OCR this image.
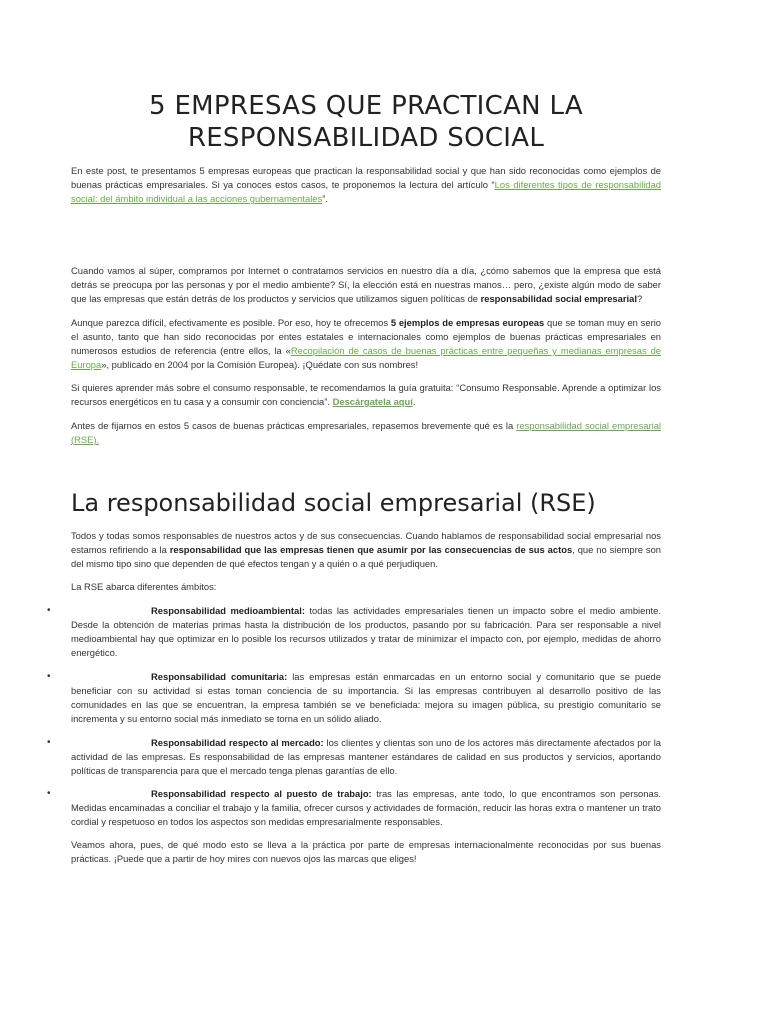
5 EMPRESAS QUE PRACTICAN LA
RESPONSABILIDAD SOCIAL
En este post, te presentamos 5 empresas europeas que practican la responsabilidad social y que han sido reconocidas como ejemplos de buenas prácticas empresariales. Si ya conoces estos casos, te proponemos la lectura del artículo “Los diferentes tipos de responsabilidad social: del ámbito individual a las acciones gubernamentales”.
Cuando vamos al súper, compramos por Internet o contratamos servicios en nuestro día a día, ¿cómo sabemos que la empresa que está detrás se preocupa por las personas y por el medio ambiente? Sí, la elección está en nuestras manos… pero, ¿existe algún modo de saber que las empresas que están detrás de los productos y servicios que utilizamos siguen políticas de responsabilidad social empresarial?
Aunque parezca difícil, efectivamente es posible. Por eso, hoy te ofrecemos 5 ejemplos de empresas europeas que se toman muy en serio el asunto, tanto que han sido reconocidas por entes estatales e internacionales como ejemplos de buenas prácticas empresariales en numerosos estudios de referencia (entre ellos, la «Recopilación de casos de buenas prácticas entre pequeñas y medianas empresas de Europa», publicado en 2004 por la Comisión Europea). ¡Quédate con sus nombres!
Si quieres aprender más sobre el consumo responsable, te recomendamos la guía gratuita: “Consumo Responsable. Aprende a optimizar los recursos energéticos en tu casa y a consumir con conciencia”. Descárgatela aquí.
Antes de fijarnos en estos 5 casos de buenas prácticas empresariales, repasemos brevemente qué es la responsabilidad social empresarial (RSE).
La responsabilidad social empresarial (RSE)
Todos y todas somos responsables de nuestros actos y de sus consecuencias. Cuando hablamos de responsabilidad social empresarial nos estamos refiriendo a la responsabilidad que las empresas tienen que asumir por las consecuencias de sus actos, que no siempre son del mismo tipo sino que dependen de qué efectos tengan y a quién o a qué perjudiquen.
La RSE abarca diferentes ámbitos:
•	Responsabilidad medioambiental: todas las actividades empresariales tienen un impacto sobre el medio ambiente. Desde la obtención de materias primas hasta la distribución de los productos, pasando por su fabricación. Para ser responsable a nivel medioambiental hay que optimizar en lo posible los recursos utilizados y tratar de minimizar el impacto con, por ejemplo, medidas de ahorro energético.
•	Responsabilidad comunitaria: las empresas están enmarcadas en un entorno social y comunitario que se puede beneficiar con su actividad si estas toman conciencia de su importancia. Si las empresas contribuyen al desarrollo positivo de las comunidades en las que se encuentran, la empresa también se ve beneficiada: mejora su imagen pública, su prestigio comunitario se incrementa y su entorno social más inmediato se torna en un sólido aliado.
•	Responsabilidad respecto al mercado: los clientes y clientas son uno de los actores más directamente afectados por la actividad de las empresas. Es responsabilidad de las empresas mantener estándares de calidad en sus productos y servicios, aportando políticas de transparencia para que el mercado tenga plenas garantías de ello.
•	Responsabilidad respecto al puesto de trabajo: tras las empresas, ante todo, lo que encontramos son personas. Medidas encaminadas a conciliar el trabajo y la familia, ofrecer cursos y actividades de formación, reducir las horas extra o mantener un trato cordial y respetuoso en todos los aspectos son medidas empresarialmente responsables.
Veamos ahora, pues, de qué modo esto se lleva a la práctica por parte de empresas internacionalmente reconocidas por sus buenas prácticas. ¡Puede que a partir de hoy mires con nuevos ojos las marcas que eliges!
